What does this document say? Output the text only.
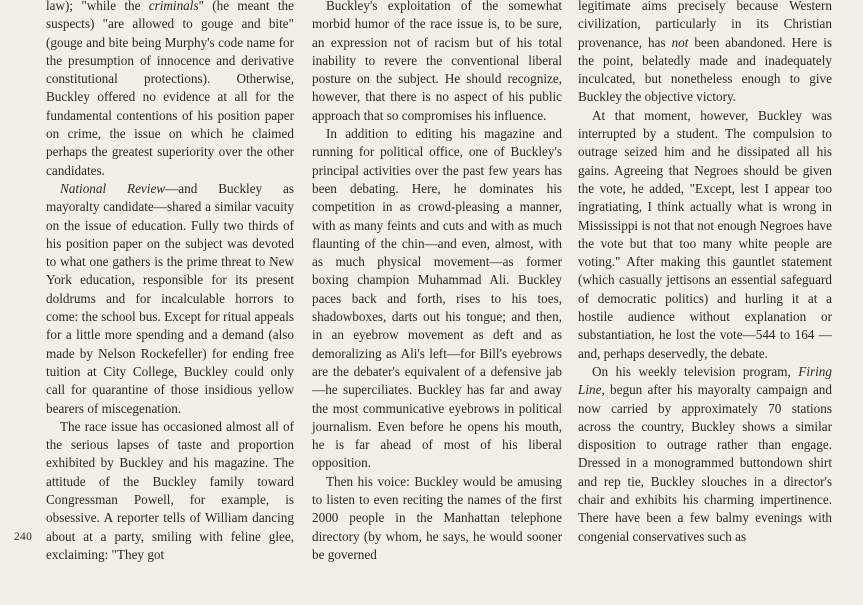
law); "while the criminals" (he meant the suspects) "are allowed to gouge and bite" (gouge and bite being Murphy's code name for the presumption of innocence and derivative constitutional protections). Otherwise, Buckley offered no evidence at all for the fundamental contentions of his position paper on crime, the issue on which he claimed perhaps the greatest superiority over the other candidates.

National Review—and Buckley as mayoralty candidate—shared a similar vacuity on the issue of education. Fully two thirds of his position paper on the subject was devoted to what one gathers is the prime threat to New York education, responsible for its present doldrums and for incalculable horrors to come: the school bus. Except for ritual appeals for a little more spending and a demand (also made by Nelson Rockefeller) for ending free tuition at City College, Buckley could only call for quarantine of those insidious yellow bearers of miscegenation.

The race issue has occasioned almost all of the serious lapses of taste and proportion exhibited by Buckley and his magazine. The attitude of the Buckley family toward Congressman Powell, for example, is obsessive. A reporter tells of William dancing about at a party, smiling with feline glee, exclaiming: "They got

Buckley's exploitation of the somewhat morbid humor of the race issue is, to be sure, an expression not of racism but of his total inability to revere the conventional liberal posture on the subject. He should recognize, however, that there is no aspect of his public approach that so compromises his influence.

In addition to editing his magazine and running for political office, one of Buckley's principal activities over the past few years has been debating. Here, he dominates his competition in as crowd-pleasing a manner, with as many feints and cuts and with as much flaunting of the chin—and even, almost, with as much physical movement—as former boxing champion Muhammad Ali. Buckley paces back and forth, rises to his toes, shadowboxes, darts out his tongue; and then, in an eyebrow movement as deft and as demoralizing as Ali's left—for Bill's eyebrows are the debater's equivalent of a defensive jab—he superciliates. Buckley has far and away the most communicative eyebrows in political journalism. Even before he opens his mouth, he is far ahead of most of his liberal opposition.

Then his voice: Buckley would be amusing to listen to even reciting the names of the first 2000 people in the Manhattan telephone directory (by whom, he says, he would sooner be governed

legitimate aims precisely because Western civilization, particularly in its Christian provenance, has not been abandoned. Here is the point, belatedly made and inadequately inculcated, but nonetheless enough to give Buckley the objective victory.

At that moment, however, Buckley was interrupted by a student. The compulsion to outrage seized him and he dissipated all his gains. Agreeing that Negroes should be given the vote, he added, "Except, lest I appear too ingratiating, I think actually what is wrong in Mississippi is not that not enough Negroes have the vote but that too many white people are voting." After making this gauntlet statement (which casually jettisons an essential safeguard of democratic politics) and hurling it at a hostile audience without explanation or substantiation, he lost the vote—544 to 164 —and, perhaps deservedly, the debate.

On his weekly television program, Firing Line, begun after his mayoralty campaign and now carried by approximately 70 stations across the country, Buckley shows a similar disposition to outrage rather than engage. Dressed in a monogrammed buttondown shirt and rep tie, Buckley slouches in a director's chair and exhibits his charming impertinence. There have been a few balmy evenings with congenial conservatives such as

240
